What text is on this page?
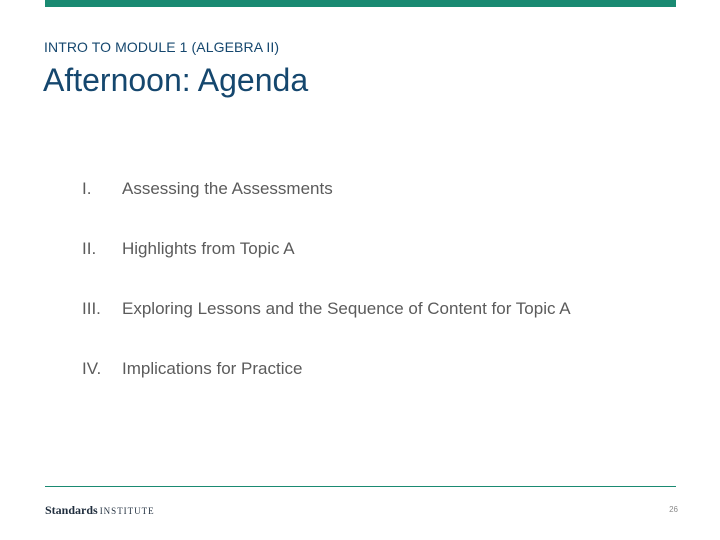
INTRO TO MODULE 1 (ALGEBRA II)
Afternoon: Agenda
I.	Assessing the Assessments
II.	Highlights from Topic A
III.	Exploring Lessons and the Sequence of Content for Topic A
IV.	Implications for Practice
Standards INSTITUTE	26
